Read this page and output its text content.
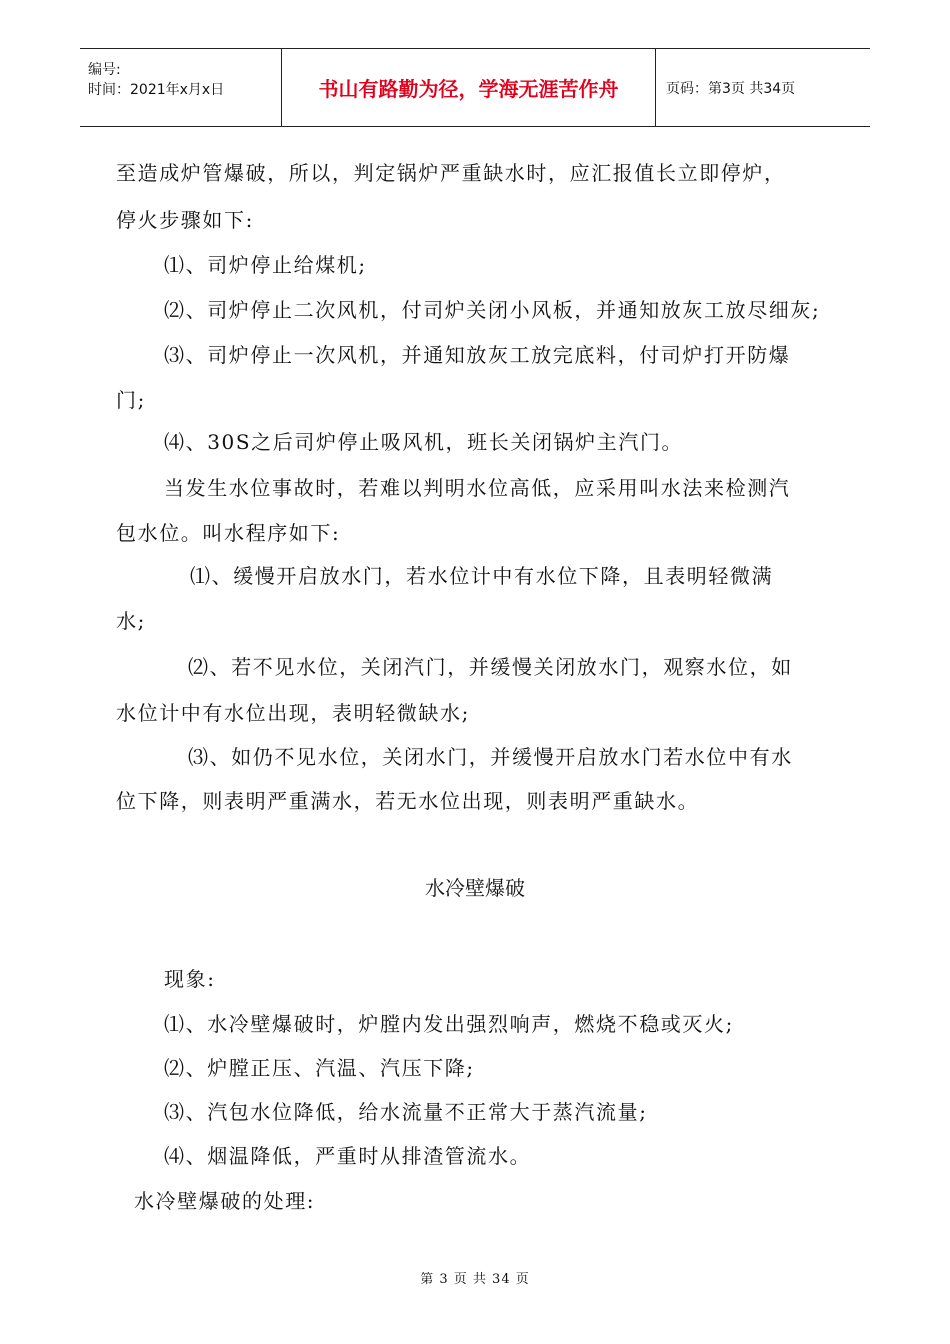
编号:
时间：2021年x月x日	书山有路勤为径，学海无涯苦作舟	页码：第3页 共34页
至造成炉管爆破，所以，判定锅炉严重缺水时，应汇报值长立即停炉，
停火步骤如下:
⑴、司炉停止给煤机;
⑵、司炉停止二次风机，付司炉关闭小风板，并通知放灰工放尽细灰;
⑶、司炉停止一次风机，并通知放灰工放完底料，付司炉打开防爆
门;
⑷、30S之后司炉停止吸风机，班长关闭锅炉主汽门。
当发生水位事故时，若难以判明水位高低，应采用叫水法来检测汽
包水位。叫水程序如下:
⑴、缓慢开启放水门，若水位计中有水位下降，且表明轻微满
水;
⑵、若不见水位，关闭汽门，并缓慢关闭放水门，观察水位，如
水位计中有水位出现，表明轻微缺水;
⑶、如仍不见水位，关闭水门，并缓慢开启放水门若水位中有水
位下降，则表明严重满水，若无水位出现，则表明严重缺水。
水冷壁爆破
现象:
⑴、水冷壁爆破时，炉膛内发出强烈响声，燃烧不稳或灭火;
⑵、炉膛正压、汽温、汽压下降;
⑶、汽包水位降低，给水流量不正常大于蒸汽流量;
⑷、烟温降低，严重时从排渣管流水。
水冷壁爆破的处理:
第 3 页 共 34 页
